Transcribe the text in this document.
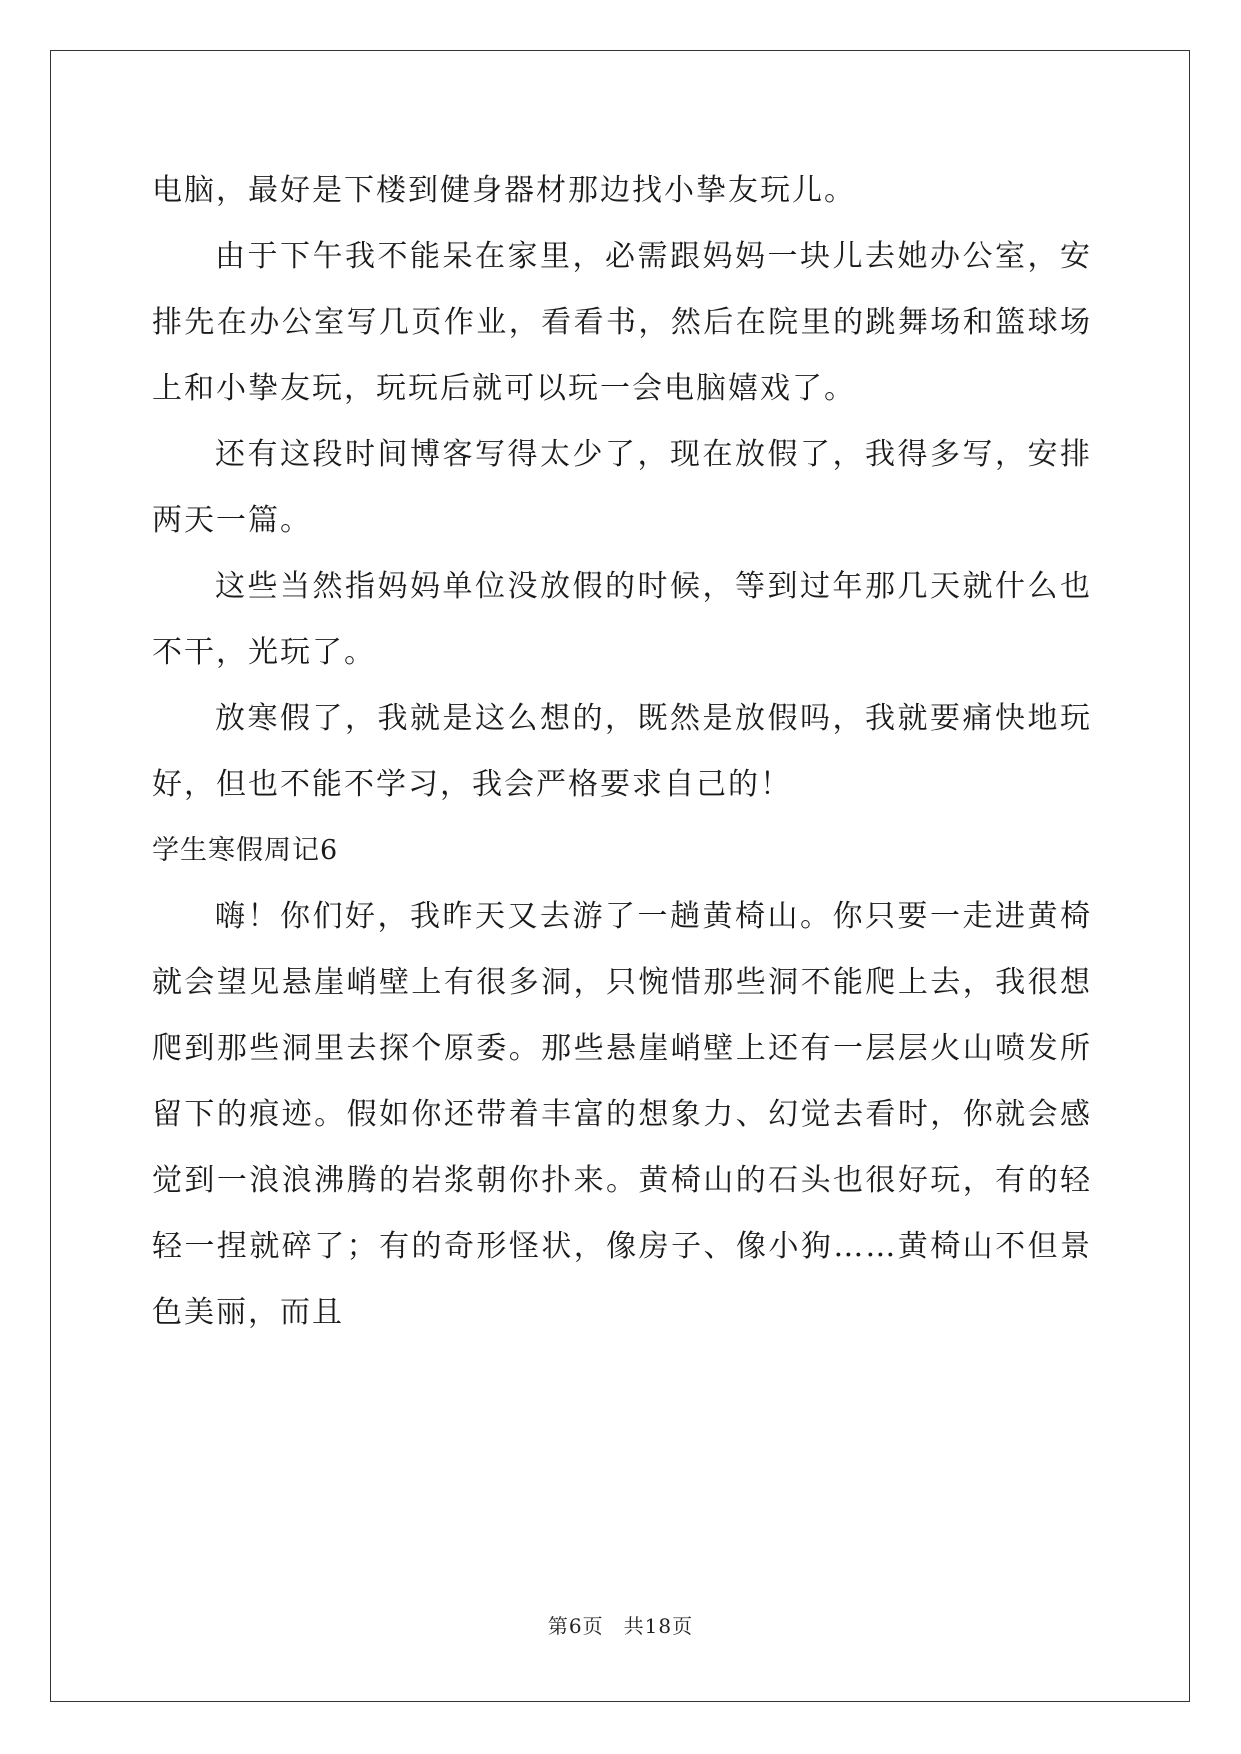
电脑，最好是下楼到健身器材那边找小挚友玩儿。

由于下午我不能呆在家里，必需跟妈妈一块儿去她办公室，安排先在办公室写几页作业，看看书，然后在院里的跳舞场和篮球场上和小挚友玩，玩玩后就可以玩一会电脑嬉戏了。

还有这段时间博客写得太少了，现在放假了，我得多写，安排两天一篇。

这些当然指妈妈单位没放假的时候，等到过年那几天就什么也不干，光玩了。

放寒假了，我就是这么想的，既然是放假吗，我就要痛快地玩好，但也不能不学习，我会严格要求自己的！

学生寒假周记6

嗨！你们好，我昨天又去游了一趟黄椅山。你只要一走进黄椅就会望见悬崖峭壁上有很多洞，只惋惜那些洞不能爬上去，我很想爬到那些洞里去探个原委。那些悬崖峭壁上还有一层层火山喷发所留下的痕迹。假如你还带着丰富的想象力、幻觉去看时，你就会感觉到一浪浪沸腾的岩浆朝你扑来。黄椅山的石头也很好玩，有的轻轻一捏就碎了；有的奇形怪状，像房子、像小狗……黄椅山不但景色美丽，而且

第6页 共18页
